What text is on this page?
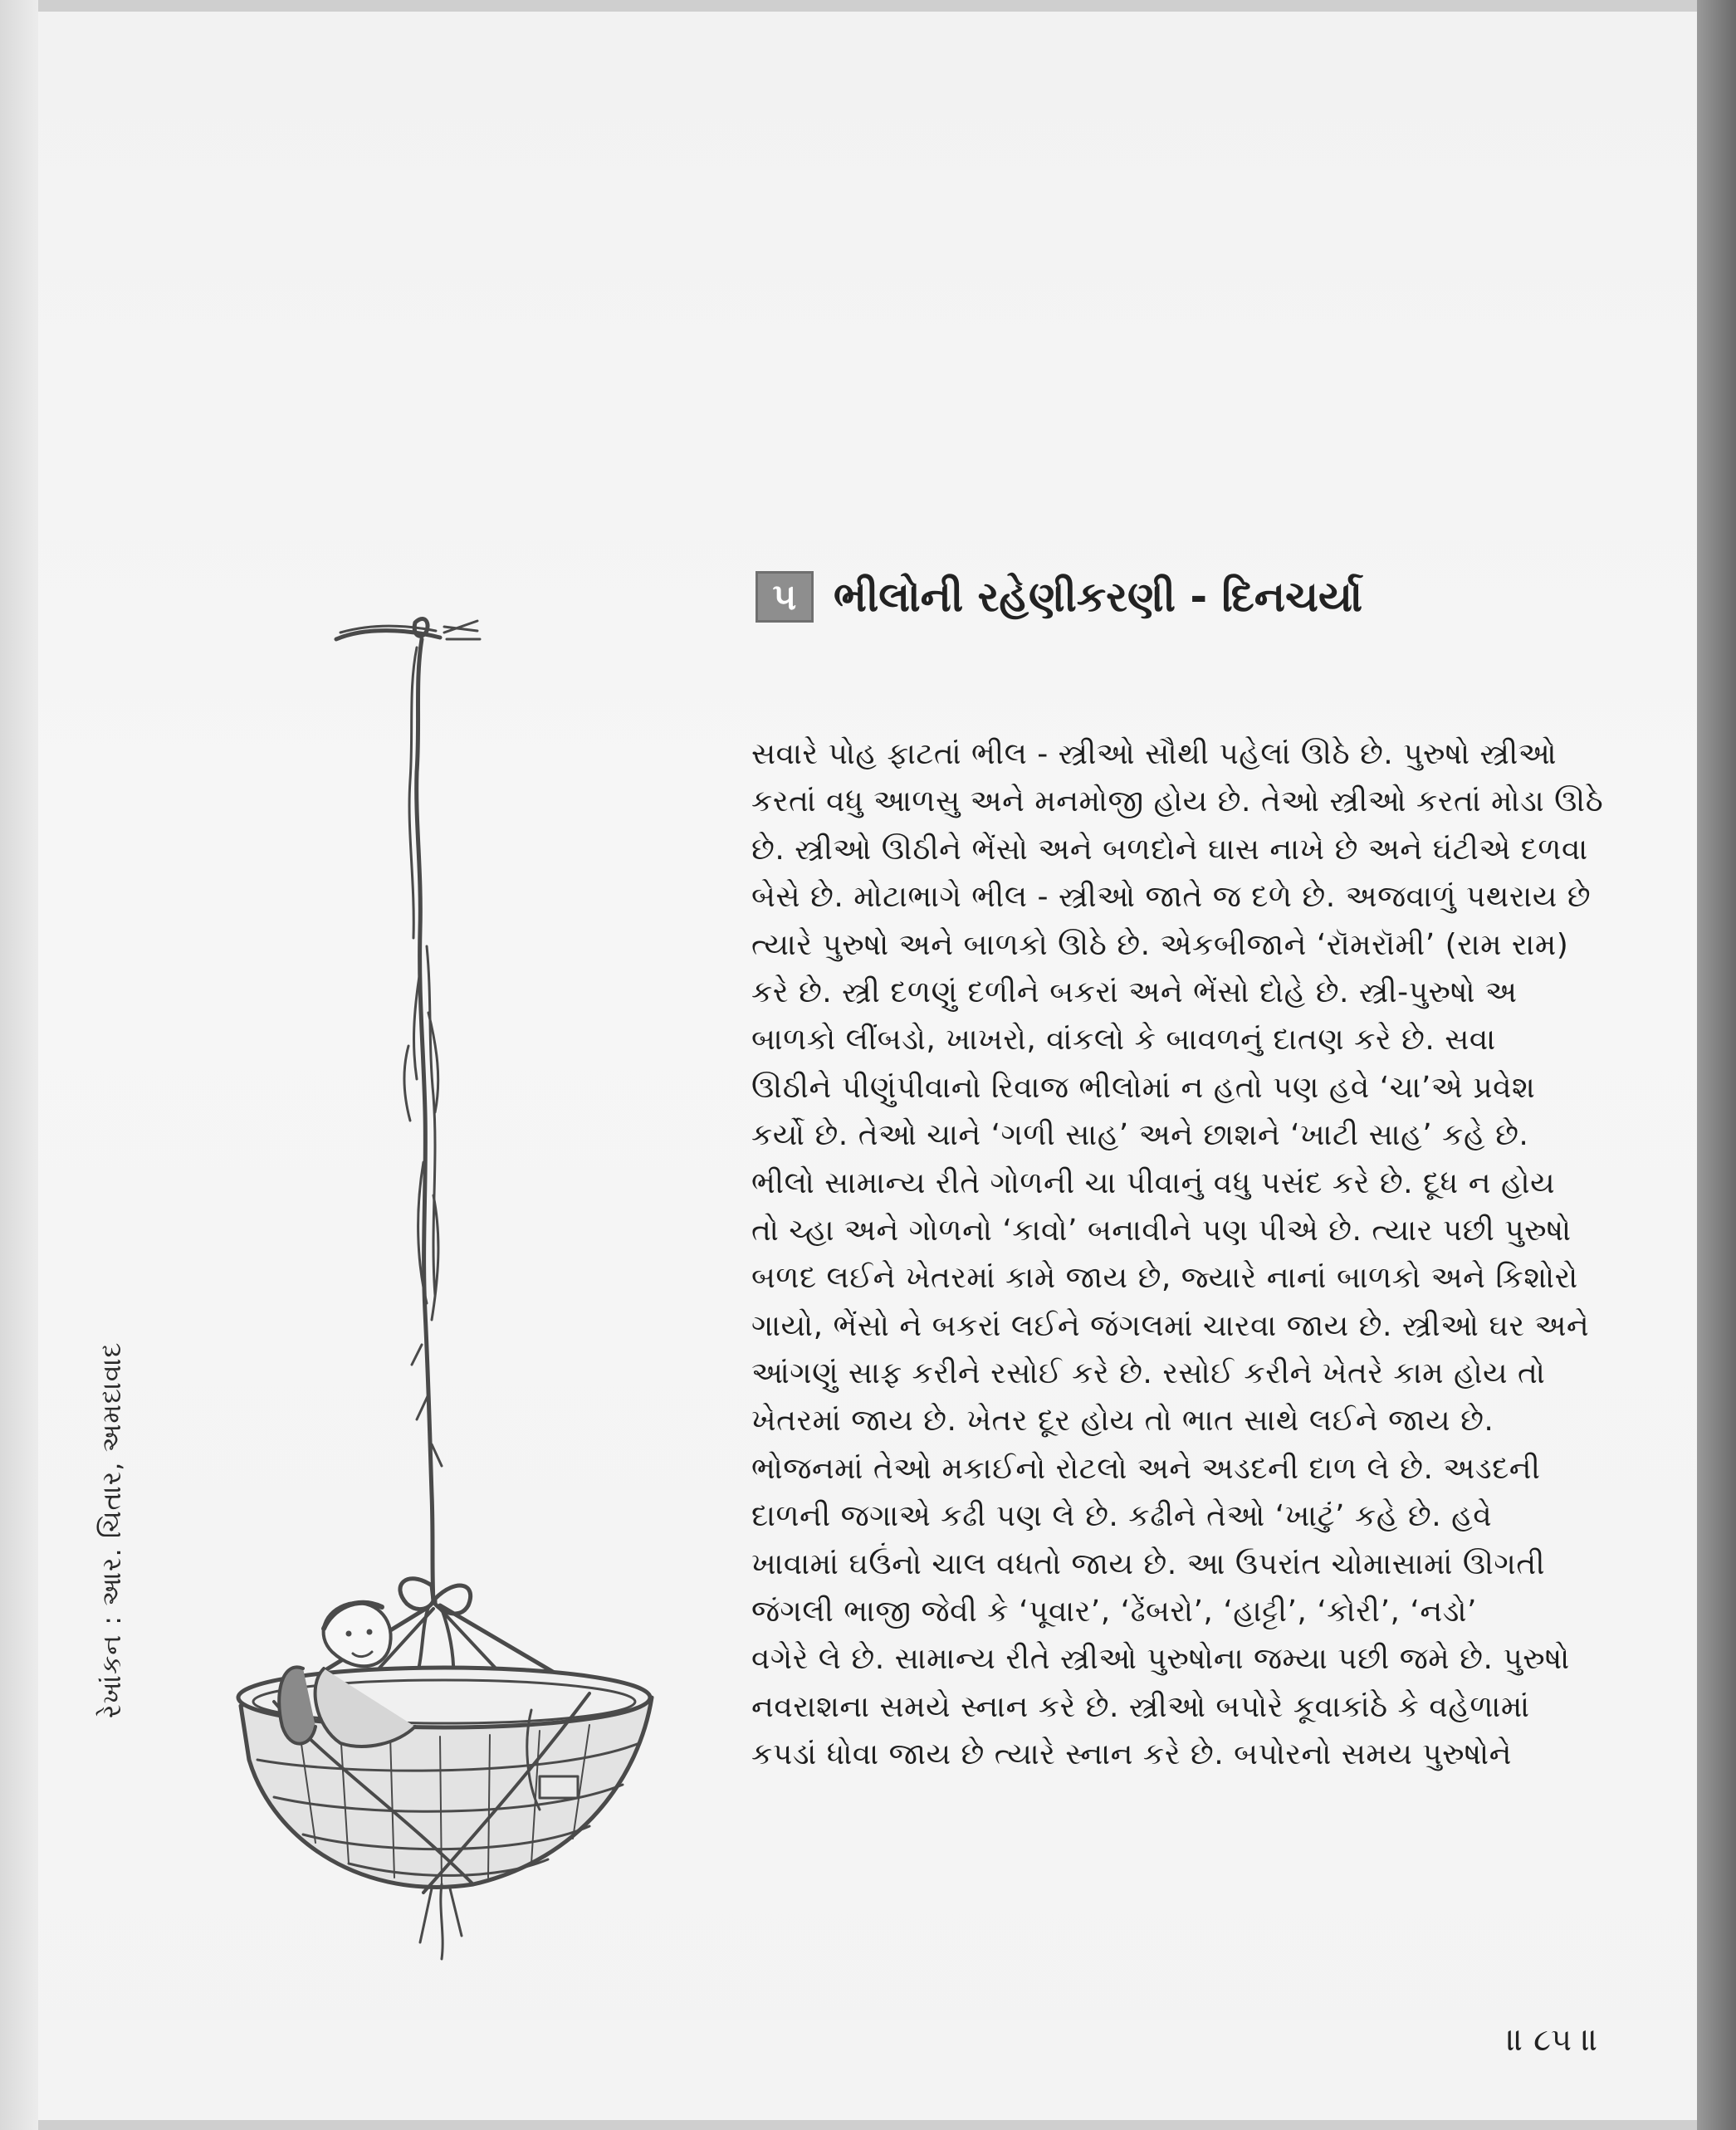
૫ ભીલોની રહેણીકરણી - દિનચર્યા
સવારે પોહ ફાટતાં ભીલ - સ્ત્રીઓ સૌથી પહેલાં ઊઠે છે. પુરુષો સ્ત્રીઓ
કરતાં વધુ આળસુ અને મનમોજી હોય છે. તેઓ સ્ત્રીઓ કરતાં મોડા ઊઠે
છે. સ્ત્રીઓ ઊઠીને ભેંસો અને બળદોને ઘાસ નાખે છે અને ઘંટીએ દળવા
બેસે છે. મોટાભાગે ભીલ - સ્ત્રીઓ જાતે જ દળે છે. અજવાળું પથરાય છે
ત્યારે પુરુષો અને બાળકો ઊઠે છે. એકબીજાને ‘રૉમરૉમી’ (રામ રામ)
કરે છે. સ્ત્રી દળણું દળીને બકરાં અને ભેંસો દોહે છે. સ્ત્રી-પુરુષો અ
બાળકો લીંબડો, ખાખરો, વાંકલો કે બાવળનું દાતણ કરે છે. સવા
ઊઠીને પીણુંપીવાનો રિવાજ ભીલોમાં ન હતો પણ હવે ‘ચા’એ પ્રવેશ
કર્યો છે. તેઓ ચાને ‘ગળી સાહ’ અને છાશને ‘ખાટી સાહ’ કહે છે.
ભીલો સામાન્ય રીતે ગોળની ચા પીવાનું વધુ પસંદ કરે છે. દૂધ ન હોય
તો ચ્હા અને ગોળનો ‘કાવો’ બનાવીને પણ પીએ છે. ત્યાર પછી પુરુષો
બળદ લઈને ખેતરમાં કામે જાય છે, જ્યારે નાનાં બાળકો અને કિશોરો
ગાયો, ભેંસો ને બકરાં લઈને જંગલમાં ચારવા જાય છે. સ્ત્રીઓ ઘર અને
આંગણું સાફ કરીને રસોઈ કરે છે. રસોઈ કરીને ખેતરે કામ હોય તો
ખેતરમાં જાય છે. ખેતર દૂર હોય તો ભાત સાથે લઈને જાય છે.
ભોજનમાં તેઓ મકાઈનો રોટલો અને અડદની દાળ લે છે. અડદની
દાળની જગાએ કઢી પણ લે છે. કઢીને તેઓ ‘ખાટું’ કહે છે. હવે
ખાવામાં ઘઉંનો ચાલ વધતો જાય છે. આ ઉપરાંત ચોમાસામાં ઊગતી
જંગલી ભાજી જેવી કે ‘પૂવાર’, ‘ઢેંબરો’, ‘હાટ્ટી’, ‘કોરી’, ‘નડો’
વગેરે લે છે. સામાન્ય રીતે સ્ત્રીઓ પુરુષોના જમ્યા પછી જમે છે. પુરુષો
નવરાશના સમયે સ્નાન કરે છે. સ્ત્રીઓ બપોરે કૂવાકાંઠે કે વહેળામાં
કપડાં ધોવા જાય છે ત્યારે સ્નાન કરે છે. બપોરનો સમય પુરુષોને
રેખાંકન : આર. ચિતાર, અમદાવાદ
॥ ૮૫ ॥
